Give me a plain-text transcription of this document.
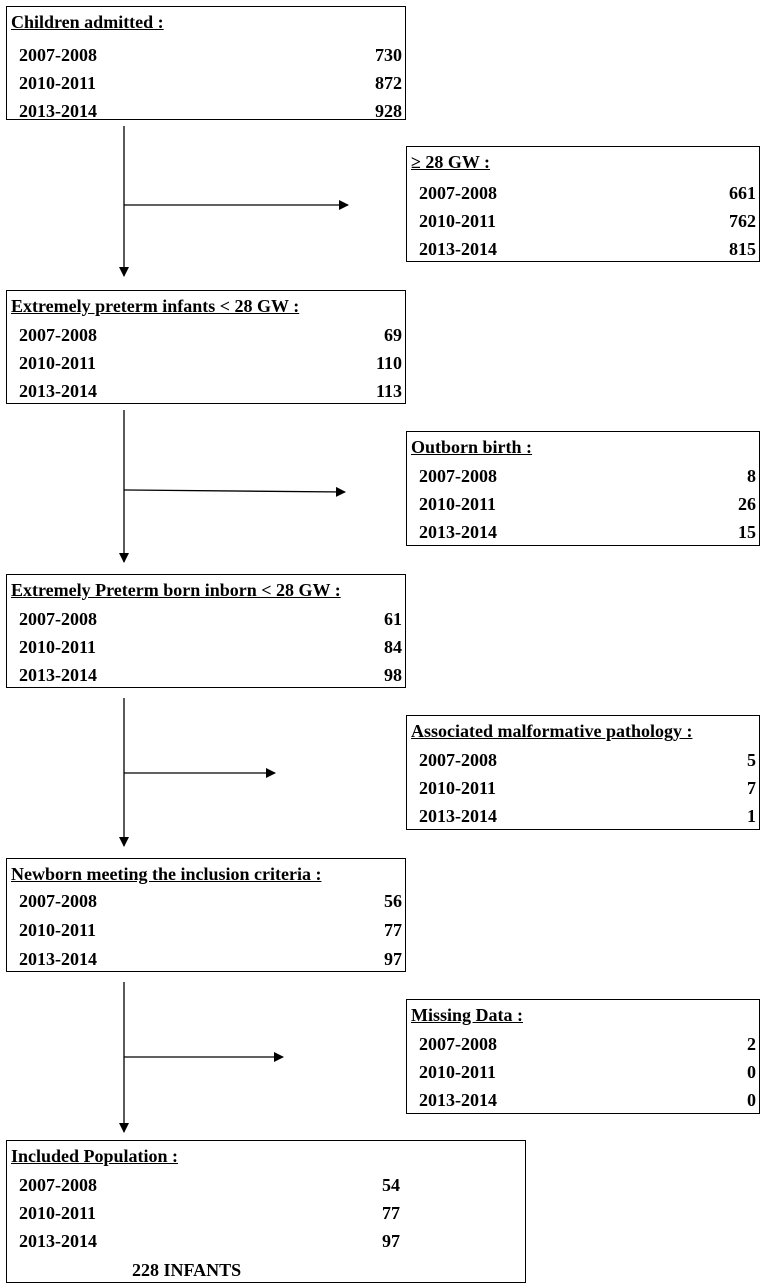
Children admitted :
2007-2008	730
2010-2011	872
2013-2014	928
≥ 28 GW :
2007-2008	661
2010-2011	762
2013-2014	815
Extremely preterm infants < 28 GW :
2007-2008	69
2010-2011	110
2013-2014	113
Outborn birth :
2007-2008	8
2010-2011	26
2013-2014	15
Extremely Preterm born inborn < 28 GW :
2007-2008	61
2010-2011	84
2013-2014	98
Associated malformative pathology :
2007-2008	5
2010-2011	7
2013-2014	1
Newborn meeting the inclusion criteria :
2007-2008	56
2010-2011	77
2013-2014	97
Missing Data :
2007-2008	2
2010-2011	0
2013-2014	0
Included Population :
2007-2008	54
2010-2011	77
2013-2014	97
228 INFANTS
